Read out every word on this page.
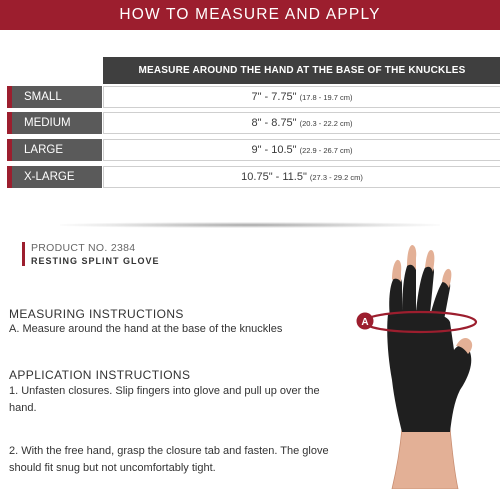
HOW TO MEASURE AND APPLY
MEASURE AROUND THE HAND AT THE BASE OF THE KNUCKLES
SMALL	7" - 7.75" (17.8 - 19.7 cm)
MEDIUM	8" - 8.75" (20.3 - 22.2 cm)
LARGE	9" - 10.5" (22.9 - 26.7 cm)
X-LARGE	10.75" - 11.5" (27.3 - 29.2 cm)
PRODUCT NO. 2384
RESTING SPLINT GLOVE
MEASURING INSTRUCTIONS
A. Measure around the hand at the base of the knuckles
APPLICATION INSTRUCTIONS
1. Unfasten closures. Slip fingers into glove and pull up over the hand.
2. With the free hand, grasp the closure tab and fasten. The glove should fit snug but not uncomfortably tight.
A
